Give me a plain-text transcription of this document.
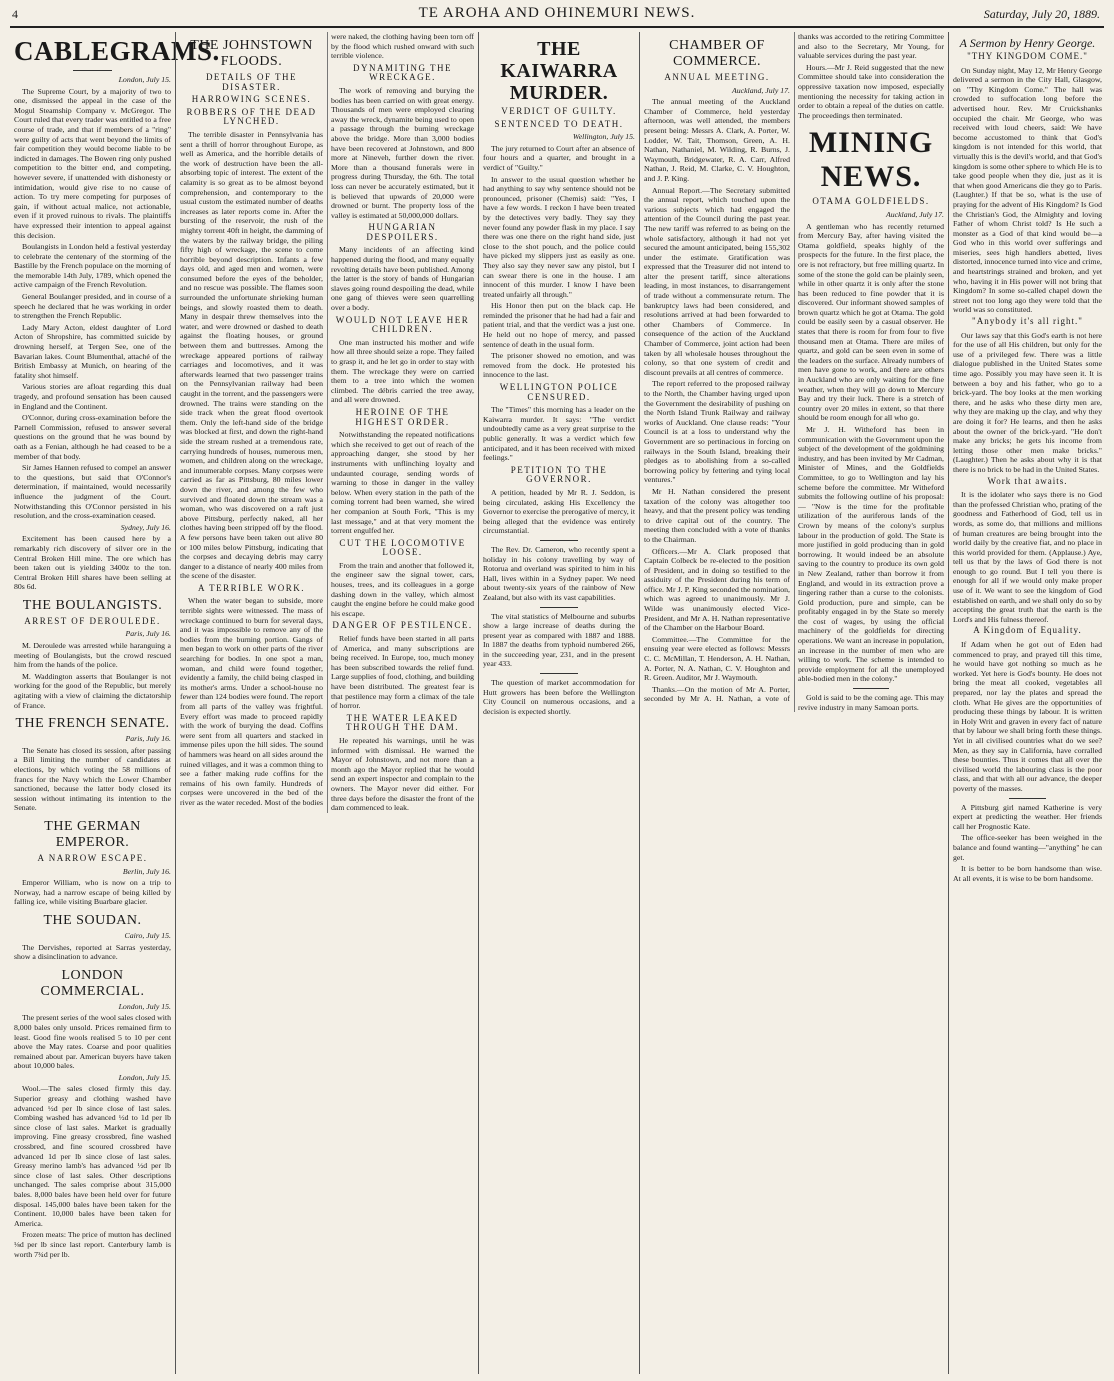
4	TE AROHA AND OHINEMURI NEWS.	Saturday, July 20, 1889.
CABLEGRAMS.

London, July 15.

The Supreme Court, by a majority of two to one, dismissed the appeal in the case of the Mogul Steamship Company v. McGregor. The Court ruled that every trader was entitled to a free course of trade, and that if members of a "ring" were guilty of acts that went beyond the limits of fair competition they would become liable to be indicted in damages. The Bowen ring only pushed competition to the bitter end, and competing, however severe, if unattended with dishonesty or intimidation, would give rise to no cause of action. To try mere competing for purposes of gain, if without actual malice, not actionable, even if it proved ruinous to rivals. The plaintiffs have expressed their intention to appeal against this decision.

Boulangists in London held a festival yesterday to celebrate the centenary of the storming of the Bastille by the French populace on the morning of the memorable 14th July, 1789, which opened the active campaign of the French Revolution.

General Boulanger presided, and in course of a speech he declared that he was working in order to strengthen the French Republic.

Lady Mary Acton, eldest daughter of Lord Acton of Shropshire, has committed suicide by drowning herself, at Tergen See, one of the Bavarian lakes. Count Blumenthal, attaché of the British Embassy at Munich, on hearing of the fatality shot himself.

Various stories are afloat regarding this dual tragedy, and profound sensation has been caused in England and the Continent.

O'Connor, during cross-examination before the Parnell Commission, refused to answer several questions on the ground that he was bound by oath as a Fenian, although he had ceased to be a member of that body.

Sir James Hannen refused to compel an answer to the questions, but said that O'Connor's determination, if maintained, would necessarily influence the judgment of the Court. Notwithstanding this O'Connor persisted in his resolution, and the cross-examination ceased.

Sydney, July 16.

Excitement has been caused here by a remarkably rich discovery of silver ore in the Central Broken Hill mine. The ore which has been taken out is yielding 3400z to the ton. Central Broken Hill shares have been selling at 80s 6d.

THE BOULANGISTS.
ARREST OF DEROULEDE.

Paris, July 16.

M. Deroulede was arrested while haranguing a meeting of Boulangists, but the crowd rescued him from the hands of the police.

M. Waddington asserts that Boulanger is not working for the good of the Republic, but merely agitating with a view of claiming the dictatorship of France.

THE FRENCH SENATE.

Paris, July 16.

The Senate has closed its session, after passing a Bill limiting the number of candidates at elections, by which voting the 58 millions of francs for the Navy which the Lower Chamber sanctioned, because the latter body closed its session without intimating its intention to the Senate.

THE GERMAN EMPEROR.
A NARROW ESCAPE.

Berlin, July 16.

Emperor William, who is now on a trip to Norway, had a narrow escape of being killed by falling ice, while visiting Buarbare glacier.

THE SOUDAN.

Cairo, July 15.

The Dervishes, reported at Sarras yesterday, show a disinclination to advance.

LONDON COMMERCIAL.

London, July 15.

The present series of the wool sales closed with 8,000 bales only unsold. Prices remained firm to least. Good fine wools realised 5 to 10 per cent above the May rates. Coarse and poor qualities remained about par. American buyers have taken about 10,000 bales.

London, July 15.

Wool.—The sales closed firmly this day. Superior greasy and clothing washed have advanced ½d per lb since close of last sales. Combing washed has advanced ½d to 1d per lb since close of last sales. Market is gradually improving. Fine greasy crossbred, fine washed crossbred, and fine scoured crossbred have advanced 1d per lb since close of last sales. Greasy merino lamb's has advanced ½d per lb since close of last sales. Other descriptions unchanged. The sales comprise about 315,000 bales. 8,000 bales have been held over for future disposal. 145,000 bales have been taken for the Continent. 10,000 bales have been taken for America.

Frozen meats: The price of mutton has declined ⅛d per lb since last report. Canterbury lamb is worth 7¾d per lb.

THE JOHNSTOWN FLOODS.
DETAILS OF THE DISASTER.
HARROWING SCENES.
ROBBERS OF THE DEAD LYNCHED.

The terrible disaster in Pennsylvania has sent a thrill of horror throughout Europe, as well as America, and the horrible details of the work of destruction have been the all-absorbing topic of interest. The extent of the calamity is so great as to be almost beyond comprehension, and contemporary to the usual custom the estimated number of deaths increases as later reports come in. After the bursting of the reservoir, the rush of the mighty torrent 40ft in height, the damming of the waters by the railway bridge, the piling fifty high of wreckage, the scene to come horrible beyond description. Infants a few days old, and aged men and women, were consumed before the eyes of the beholder, and no rescue was possible. The flames soon surrounded the unfortunate shrieking human beings, and slowly roasted them to death. Many in despair threw themselves into the water, and were drowned or dashed to death against the floating houses, or ground between them and buttresses. Among the wreckage appeared portions of railway carriages and locomotives, and it was afterwards learned that two passenger trains on the Pennsylvanian railway had been caught in the torrent, and the passengers were drowned. The trains were standing on the side track when the great flood overtook them. Only the left-hand side of the bridge was blocked at first, and down the right-hand side the stream rushed at a tremendous rate, carrying hundreds of houses, numerous men, women, and children along on the wreckage, and innumerable corpses. Many corpses were carried as far as Pittsburg, 80 miles lower down the river, and among the few who survived and floated down the stream was a woman, who was discovered on a raft just above Pittsburg, perfectly naked, all her clothes having been stripped off by the flood. A few persons have been taken out alive 80 or 100 miles below Pittsburg, indicating that the corpses and decaying debris may carry danger to a distance of nearly 400 miles from the scene of the disaster.

A TERRIBLE WORK.

When the water began to subside, more terrible sights were witnessed. The mass of wreckage continued to burn for several days, and it was impossible to remove any of the bodies from the burning portion. Gangs of men began to work on other parts of the river searching for bodies. In one spot a man, woman, and child were found together, evidently a family, the child being clasped in its mother's arms. Under a school-house no fewer than 124 bodies were found. The report from all parts of the valley was frightful. Every effort was made to proceed rapidly with the work of burying the dead. Coffins were sent from all quarters and stacked in immense piles upon the hill sides. The sound of hammers was heard on all sides around the ruined villages, and it was a common thing to see a father making rude coffins for the remains of his own family. Hundreds of corpses were uncovered in the bed of the river as the water receded. Most of the bodies were naked, the clothing having been torn off by the flood which rushed onward with such terrible violence.

DYNAMITING THE WRECKAGE.

The work of removing and burying the bodies has been carried on with great energy. Thousands of men were employed clearing away the wreck, dynamite being used to open a passage through the burning wreckage above the bridge. More than 3,000 bodies have been recovered at Johnstown, and 800 more at Nineveh, further down the river. More than a thousand funerals were in progress during Thursday, the 6th. The total loss can never be accurately estimated, but it is believed that upwards of 20,000 were drowned or burnt. The property loss of the valley is estimated at 50,000,000 dollars.

HUNGARIAN DESPOILERS.

Many incidents of an affecting kind happened during the flood, and many equally revolting details have been published. Among the latter is the story of bands of Hungarian slaves going round despoiling the dead, while one gang of thieves were seen quarrelling over a body.

WOULD NOT LEAVE HER CHILDREN.

One man instructed his mother and wife how all three should seize a rope. They failed to grasp it, and he let go in order to stay with them. The wreckage they were on carried them to a tree into which the women climbed. The débris carried the tree away, and all were drowned.

HEROINE OF THE HIGHEST ORDER.

Notwithstanding the repeated notifications which she received to get out of reach of the approaching danger, she stood by her instruments with unflinching loyalty and undaunted courage, sending words of warning to those in danger in the valley below. When every station in the path of the coming torrent had been warned, she wired her companion at South Fork, "This is my last message," and at that very moment the torrent engulfed her.

CUT THE LOCOMOTIVE LOOSE.

From the train and another that followed it, the engineer saw the signal tower, cars, houses, trees, and its colleagues in a gorge dashing down in the valley, which almost caught the engine before he could make good his escape.

DANGER OF PESTILENCE.

Relief funds have been started in all parts of America, and many subscriptions are being received. In Europe, too, much money has been subscribed towards the relief fund. Large supplies of food, clothing, and building have been distributed. The greatest fear is that pestilence may form a climax of the tale of horror.

THE WATER LEAKED THROUGH THE DAM.

He repeated his warnings, until he was informed with dismissal. He warned the Mayor of Johnstown, and not more than a month ago the Mayor replied that he would send an expert inspector and complain to the owners. The Mayor never did either. For three days before the disaster the front of the dam commenced to leak.

THE KAIWARRA MURDER.
VERDICT OF GUILTY.
SENTENCED TO DEATH.

Wellington, July 15.

The jury returned to Court after an absence of four hours and a quarter, and brought in a verdict of "Guilty."

In answer to the usual question whether he had anything to say why sentence should not be pronounced, prisoner (Chemis) said: "Yes, I have a few words. I reckon I have been treated by the detectives very badly. They say they never found any powder flask in my place. I say there was one there on the right hand side, just close to the shot pouch, and the police could have picked my slippers just as easily as one. They also say they never saw any pistol, but I can swear there is one in the house. I am innocent of this murder. I know I have been treated unfairly all through."

His Honor then put on the black cap. He reminded the prisoner that he had had a fair and patient trial, and that the verdict was a just one. He held out no hope of mercy, and passed sentence of death in the usual form.

The prisoner showed no emotion, and was removed from the dock. He protested his innocence to the last.

WELLINGTON POLICE CENSURED.

The "Times" this morning has a leader on the Kaiwarra murder. It says: "The verdict undoubtedly came as a very great surprise to the public generally. It was a verdict which few anticipated, and it has been received with mixed feelings."

PETITION TO THE GOVERNOR.

A petition, headed by Mr R. J. Seddon, is being circulated, asking His Excellency the Governor to exercise the prerogative of mercy, it being alleged that the evidence was entirely circumstantial.

The Rev. Dr. Cameron, who recently spent a holiday in his colony travelling by way of Rotorua and overland was spirited to him in his Hall, lives within in a Sydney paper. We need about twenty-six years of the rainbow of New Zealand, but also with its vast capabilities.

The vital statistics of Melbourne and suburbs show a large increase of deaths during the present year as compared with 1887 and 1888. In 1887 the deaths from typhoid numbered 266, in the succeeding year, 231, and in the present year 433.

The question of market accommodation for Hutt growers has been before the Wellington City Council on numerous occasions, and a decision is expected shortly.

CHAMBER OF COMMERCE.
ANNUAL MEETING.

Auckland, July 17.

The annual meeting of the Auckland Chamber of Commerce, held yesterday afternoon, was well attended, the members present being: Messrs A. Clark, A. Porter, W. Lodder, W. Tait, Thomson, Green, A. H. Nathan, Nathaniel, M. Wilding, R. Burns, J. Waymouth, Bridgewater, R. A. Carr, Alfred Nathan, J. Reid, M. Clarke, C. V. Houghton, and J. P. King.

Annual Report.—The Secretary submitted the annual report, which touched upon the various subjects which had engaged the attention of the Council during the past year. The new tariff was referred to as being on the whole satisfactory, although it had not yet secured the amount anticipated, being 155,302 under the estimate. Gratification was expressed that the Treasurer did not intend to alter the present tariff, since alterations leading, in most instances, to disarrangement of trade without a commensurate return. The bankruptcy laws had been considered, and resolutions arrived at had been forwarded to other Chambers of Commerce. In consequence of the action of the Auckland Chamber of Commerce, joint action had been taken by all wholesale houses throughout the colony, so that one system of credit and discount prevails at all centres of commerce.

The report referred to the proposed railway to the North, the Chamber having urged upon the Government the desirability of pushing on the North Island Trunk Railway and railway works of Auckland. One clause reads: "Your Council is at a loss to understand why the Government are so pertinacious in forcing on railways in the South Island, breaking their pledges as to abolishing from a so-called borrowing policy by fettering and tying local ventures."

Mr H. Nathan considered the present taxation of the colony was altogether too heavy, and that the present policy was tending to drive capital out of the country. The meeting then concluded with a vote of thanks to the Chairman.

Officers.—Mr A. Clark proposed that Captain Colbeck be re-elected to the position of President, and in doing so testified to the assiduity of the President during his term of office. Mr J. P. King seconded the nomination, which was agreed to unanimously. Mr J. Wilde was unanimously elected Vice-President, and Mr A. H. Nathan representative of the Chamber on the Harbour Board.

Committee.—The Committee for the ensuing year were elected as follows: Messrs C. C. McMillan, T. Henderson, A. H. Nathan, A. Porter, N. A. Nathan, C. V. Houghton and R. Green. Auditor, Mr J. Waymouth.

Thanks.—On the motion of Mr A. Porter, seconded by Mr A. H. Nathan, a vote of thanks was accorded to the retiring Committee and also to the Secretary, Mr Young, for valuable services during the past year.

Hours.—Mr J. Reid suggested that the new Committee should take into consideration the oppressive taxation now imposed, especially mentioning the necessity for taking action in order to obtain a repeal of the duties on cattle. The proceedings then terminated.

MINING NEWS.
OTAMA GOLDFIELDS.

Auckland, July 17.

A gentleman who has recently returned from Mercury Bay, after having visited the Otama goldfield, speaks highly of the prospects for the future. In the first place, the ore is not refractory, but free milling quartz. In some of the stone the gold can be plainly seen, while in other quartz it is only after the stone has been reduced to fine powder that it is discovered. Our informant showed samples of brown quartz which he got at Otama. The gold could be easily seen by a casual observer. He states that there is room for from four to five thousand men at Otama. There are miles of quartz, and gold can be seen even in some of the leaders on the surface. Already numbers of men have gone to work, and there are others in Auckland who are only waiting for the fine weather, when they will go down to Mercury Bay and try their luck. There is a stretch of country over 20 miles in extent, so that there should be room enough for all who go.

Mr J. H. Witheford has been in communication with the Government upon the subject of the development of the goldmining industry, and has been invited by Mr Cadman, Minister of Mines, and the Goldfields Committee, to go to Wellington and lay his scheme before the committee. Mr Witheford submits the following outline of his proposal: — "Now is the time for the profitable utilization of the auriferous lands of the Crown by means of the colony's surplus labour in the production of gold. The State is more justified in gold producing than in gold borrowing. It would indeed be an absolute saving to the country to produce its own gold in New Zealand, rather than borrow it from England, and would in its extraction prove a lingering rather than a curse to the colonists. Gold production, pure and simple, can be profitably engaged in by the State so merely the cost of wages, by using the official machinery of the goldfields for directing operations. We want an increase in population, an increase in the number of men who are willing to work. The scheme is intended to provide employment for all the unemployed able-bodied men in the colony."

Gold is said to be the coming age. This may revive industry in many Samoan ports.

A Sermon by Henry George.
"THY KINGDOM COME."

On Sunday night, May 12, Mr Henry George delivered a sermon in the City Hall, Glasgow, on "Thy Kingdom Come." The hall was crowded to suffocation long before the advertised hour. Rev. Mr Cruickshanks occupied the chair. Mr George, who was received with loud cheers, said: We have become accustomed to think that God's kingdom is not intended for this world, that virtually this is the devil's world, and that God's kingdom is some other sphere to which He is to take good people when they die, just as it is that when good Americans die they go to Paris. (Laughter.) If that be so, what is the use of praying for the advent of His Kingdom? Is God the Christian's God, the Almighty and loving Father of whom Christ told? Is He such a monster as a God of that kind would be—a God who in this world over sufferings and miseries, sees high handlers abetted, lives distorted, innocence turned into vice and crime, and heartstrings strained and broken, and yet who, having it in His power will not bring that Kingdom? In some so-called chapel down the street not too long ago they were told that the world was so constituted.

"Anybody it's all right."

Our laws say that this God's earth is not here for the use of all His children, but only for the use of a privileged few. There was a little dialogue published in the United States some time ago. Possibly you may have seen it. It is between a boy and his father, who go to a brick-yard. The boy looks at the men working there, and he asks who these dirty men are, why they are making up the clay, and why they are doing it for? He learns, and then he asks about the owner of the brick-yard. "He don't make any bricks; he gets his income from letting those other men make bricks." (Laughter.) Then he asks about why it is that there is no brick to be had in the United States.

Work that awaits.

It is the idolater who says there is no God than the professed Christian who, prating of the goodness and Fatherhood of God, tell us in words, as some do, that millions and millions of human creatures are being brought into the world daily by the creative fiat, and no place in this world provided for them. (Applause.) Aye, tell us that by the laws of God there is not enough to go round. But I tell you there is enough for all if we would only make proper use of it. We want to see the kingdom of God established on earth, and we shall only do so by accepting the great truth that the earth is the Lord's and His fulness thereof.

A Kingdom of Equality.

If Adam when he got out of Eden had commenced to pray, and prayed till this time, he would have got nothing so much as he worked. Yet here is God's bounty. He does not bring the meat all cooked, vegetables all prepared, nor lay the plates and spread the cloth. What He gives are the opportunities of producing these things by labour. It is written in Holy Writ and graven in every fact of nature that by labour we shall bring forth these things. Yet in all civilised countries what do we see? Men, as they say in California, have corralled these bounties. Thus it comes that all over the civilised world the labouring class is the poor class, and that with all our advance, the deeper poverty of the masses.

A Pittsburg girl named Katherine is very expert at predicting the weather. Her friends call her Prognostic Kate.

The office-seeker has been weighed in the balance and found wanting—"anything" he can get.

It is better to be born handsome than wise. At all events, it is wise to be born handsome.
